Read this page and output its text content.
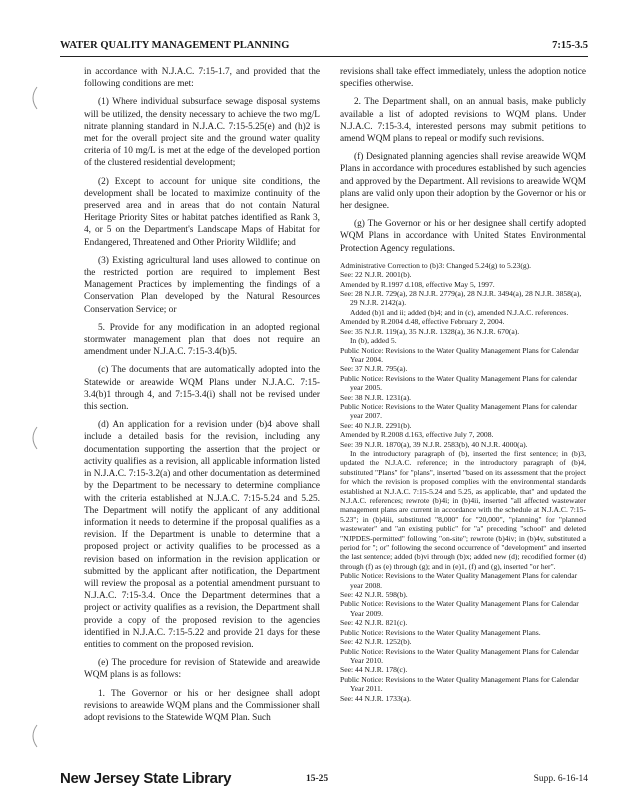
WATER QUALITY MANAGEMENT PLANNING	7:15-3.5

in accordance with N.J.A.C. 7:15-1.7, and provided that the following conditions are met:

(1) Where individual subsurface sewage disposal systems will be utilized, the density necessary to achieve the two mg/L nitrate planning standard in N.J.A.C. 7:15-5.25(e) and (h)2 is met for the overall project site and the ground water quality criteria of 10 mg/L is met at the edge of the developed portion of the clustered residential development;

(2) Except to account for unique site conditions, the development shall be located to maximize continuity of the preserved area and in areas that do not contain Natural Heritage Priority Sites or habitat patches identified as Rank 3, 4, or 5 on the Department's Landscape Maps of Habitat for Endangered, Threatened and Other Priority Wildlife; and

(3) Existing agricultural land uses allowed to continue on the restricted portion are required to implement Best Management Practices by implementing the findings of a Conservation Plan developed by the Natural Resources Conservation Service; or

5. Provide for any modification in an adopted regional stormwater management plan that does not require an amendment under N.J.A.C. 7:15-3.4(b)5.

(c) The documents that are automatically adopted into the Statewide or areawide WQM Plans under N.J.A.C. 7:15-3.4(b)1 through 4, and 7:15-3.4(i) shall not be revised under this section.

(d) An application for a revision under (b)4 above shall include a detailed basis for the revision, including any documentation supporting the assertion that the project or activity qualifies as a revision, all applicable information listed in N.J.A.C. 7:15-3.2(a) and other documentation as determined by the Department to be necessary to determine compliance with the criteria established at N.J.A.C. 7:15-5.24 and 5.25. The Department will notify the applicant of any additional information it needs to determine if the proposal qualifies as a revision. If the Department is unable to determine that a proposed project or activity qualifies to be processed as a revision based on information in the revision application or submitted by the applicant after notification, the Department will review the proposal as a potential amendment pursuant to N.J.A.C. 7:15-3.4. Once the Department determines that a project or activity qualifies as a revision, the Department shall provide a copy of the proposed revision to the agencies identified in N.J.A.C. 7:15-5.22 and provide 21 days for these entities to comment on the proposed revision.

(e) The procedure for revision of Statewide and areawide WQM plans is as follows:

1. The Governor or his or her designee shall adopt revisions to areawide WQM plans and the Commissioner shall adopt revisions to the Statewide WQM Plan. Such

revisions shall take effect immediately, unless the adoption notice specifies otherwise.

2. The Department shall, on an annual basis, make publicly available a list of adopted revisions to WQM plans. Under N.J.A.C. 7:15-3.4, interested persons may submit petitions to amend WQM plans to repeal or modify such revisions.

(f) Designated planning agencies shall revise areawide WQM Plans in accordance with procedures established by such agencies and approved by the Department. All revisions to areawide WQM plans are valid only upon their adoption by the Governor or his or her designee.

(g) The Governor or his or her designee shall certify adopted WQM Plans in accordance with United States Environmental Protection Agency regulations.

Administrative Correction to (b)3: Changed 5.24(g) to 5.23(g).

See: 22 N.J.R. 2001(b).

Amended by R.1997 d.108, effective May 5, 1997.

See: 28 N.J.R. 729(a), 28 N.J.R. 2779(a), 28 N.J.R. 3494(a), 28 N.J.R. 3858(a), 29 N.J.R. 2142(a).

Added (b)1 and ii; added (b)4; and in (c), amended N.J.A.C. references.

Amended by R.2004 d.48, effective February 2, 2004.

See: 35 N.J.R. 119(a), 35 N.J.R. 1328(a), 36 N.J.R. 670(a).

In (b), added 5.

Public Notice: Revisions to the Water Quality Management Plans for Calendar Year 2004.

See: 37 N.J.R. 795(a).

Public Notice: Revisions to the Water Quality Management Plans for calendar year 2005.

See: 38 N.J.R. 1231(a).

Public Notice: Revisions to the Water Quality Management Plans for calendar year 2007.

See: 40 N.J.R. 2291(b).

Amended by R.2008 d.163, effective July 7, 2008.

See: 39 N.J.R. 1870(a), 39 N.J.R. 2583(b), 40 N.J.R. 4000(a).

In the introductory paragraph of (b), inserted the first sentence; in (b)3, updated the N.J.A.C. reference; in the introductory paragraph of (b)4, substituted "Plans" for "plans", inserted "based on its assessment that the project for which the revision is proposed complies with the environmental standards established at N.J.A.C. 7:15-5.24 and 5.25, as applicable, that" and updated the N.J.A.C. references; rewrote (b)4i; in (b)4ii, inserted "all affected wastewater management plans are current in accordance with the schedule at N.J.A.C. 7:15-5.23"; in (b)4iii, substituted "8,000" for "20,000", "planning" for "planned wastewater" and "an existing public" for "a" preceding "school" and deleted "NJPDES-permitted" following "on-site"; rewrote (b)4iv; in (b)4v, substituted a period for "; or" following the second occurrence of "development" and inserted the last sentence; added (b)vi through (b)x; added new (d); recodified former (d) through (f) as (e) through (g); and in (e)1, (f) and (g), inserted "or her".

Public Notice: Revisions to the Water Quality Management Plans for calendar year 2008.

See: 42 N.J.R. 598(b).

Public Notice: Revisions to the Water Quality Management Plans for Calendar Year 2009.

See: 42 N.J.R. 821(c).

Public Notice: Revisions to the Water Quality Management Plans.

See: 42 N.J.R. 1252(b).

Public Notice: Revisions to the Water Quality Management Plans for Calendar Year 2010.

See: 44 N.J.R. 178(c).

Public Notice: Revisions to the Water Quality Management Plans for Calendar Year 2011.

See: 44 N.J.R. 1733(a).

New Jersey State Library	15-25	Supp. 6-16-14
